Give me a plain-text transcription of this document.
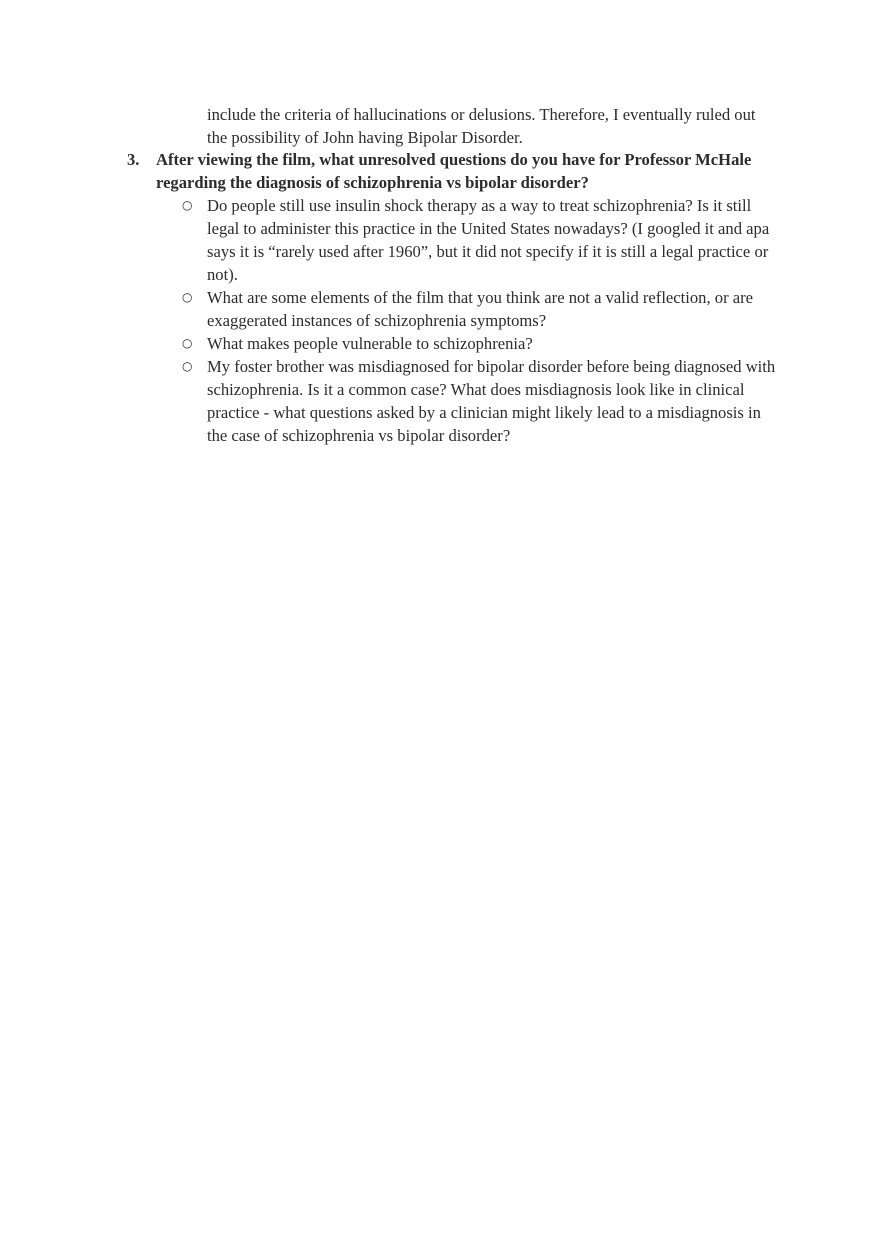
include the criteria of hallucinations or delusions. Therefore, I eventually ruled out the possibility of John having Bipolar Disorder.

3. After viewing the film, what unresolved questions do you have for Professor McHale regarding the diagnosis of schizophrenia vs bipolar disorder?
○ Do people still use insulin shock therapy as a way to treat schizophrenia? Is it still legal to administer this practice in the United States nowadays? (I googled it and apa says it is “rarely used after 1960”, but it did not specify if it is still a legal practice or not).
○ What are some elements of the film that you think are not a valid reflection, or are exaggerated instances of schizophrenia symptoms?
○ What makes people vulnerable to schizophrenia?
○ My foster brother was misdiagnosed for bipolar disorder before being diagnosed with schizophrenia. Is it a common case? What does misdiagnosis look like in clinical practice - what questions asked by a clinician might likely lead to a misdiagnosis in the case of schizophrenia vs bipolar disorder?
